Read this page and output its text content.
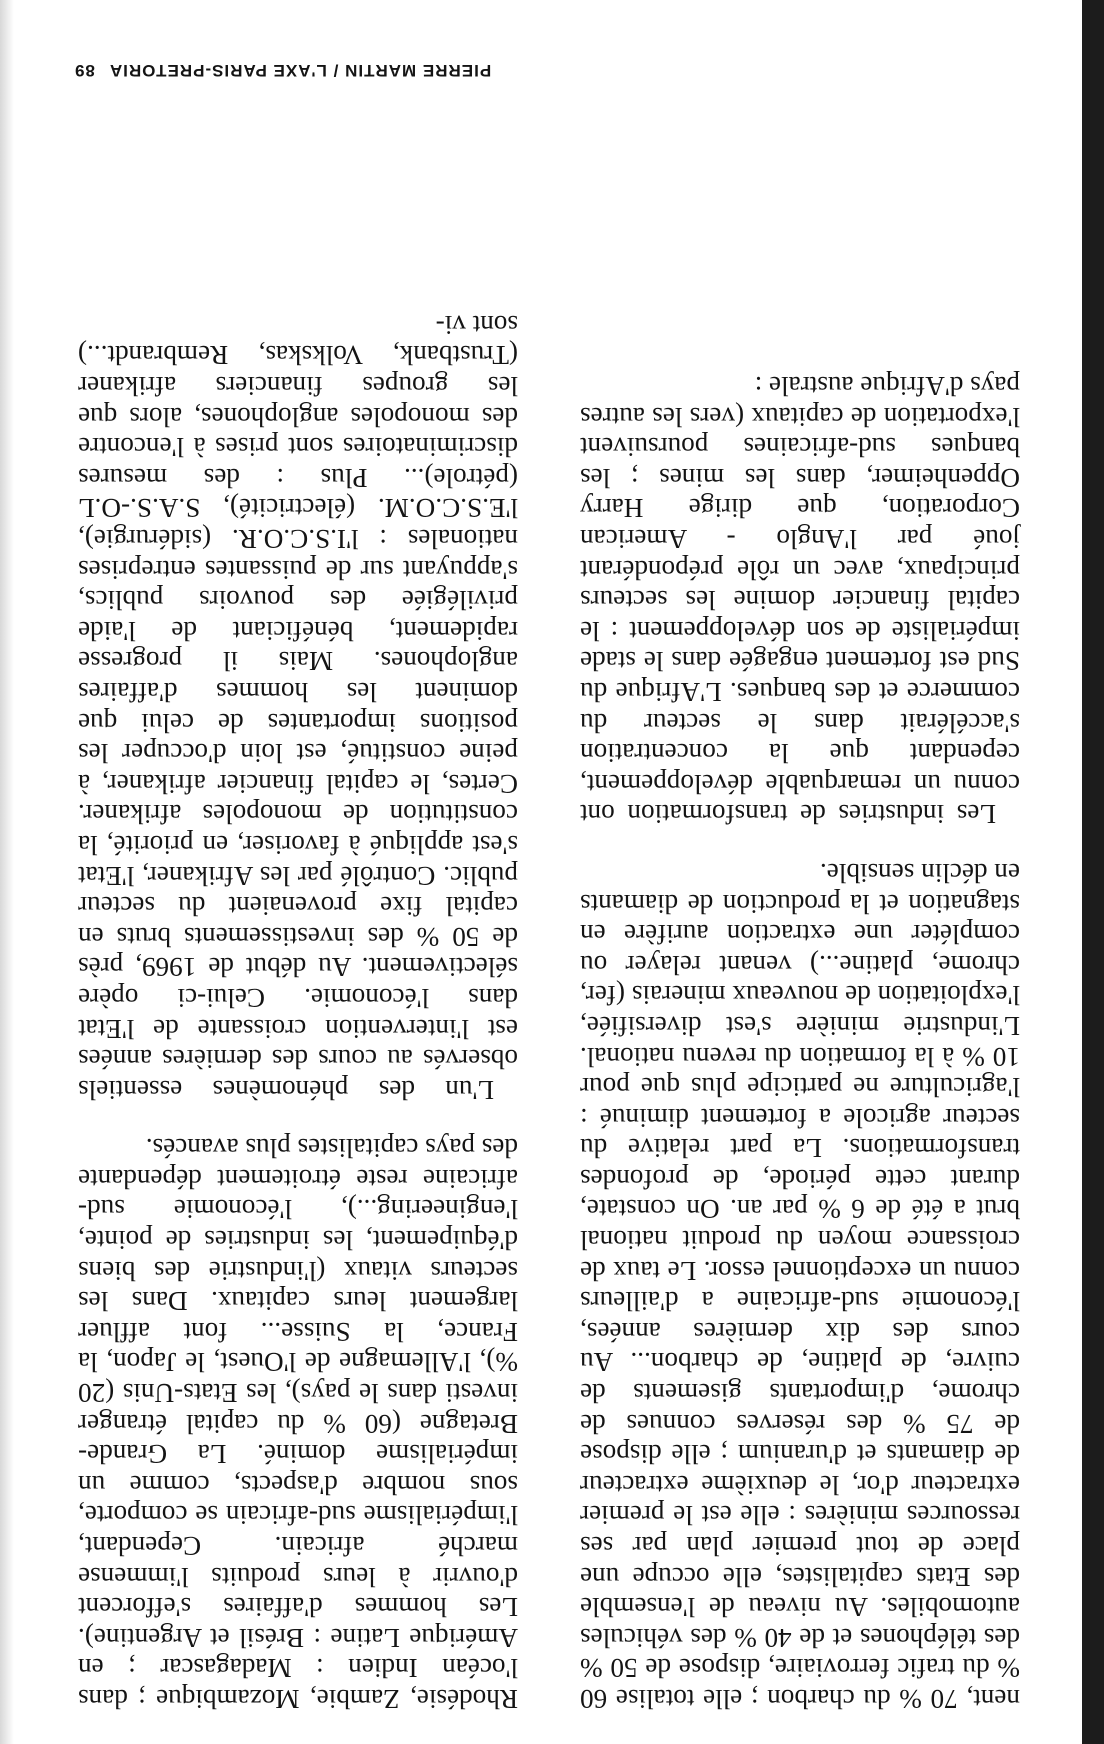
nent, 70 % du charbon ; elle totalise 60 % du trafic ferroviaire, dispose de 50 % des téléphones et de 40 % des véhicules automobiles. Au niveau de l'ensemble des Etats capitalistes, elle occupe une place de tout premier plan par ses ressources minières : elle est le premier extracteur d'or, le deuxième extracteur de diamants et d'uranium ; elle dispose de 75 % des réserves connues de chrome, d'importants gisements de cuivre, de platine, de charbon... Au cours des dix dernières années, l'économie sud-africaine a d'ailleurs connu un exceptionnel essor. Le taux de croissance moyen du produit national brut a été de 6 % par an. On constate, durant cette période, de profondes transformations. La part relative du secteur agricole a fortement diminué : l'agriculture ne participe plus que pour 10 % à la formation du revenu national. L'industrie minière s'est diversifiée, l'exploitation de nouveaux minerais (fer, chrome, platine...) venant relayer ou compléter une extraction aurifère en stagnation et la production de diamants en déclin sensible.

Les industries de transformation ont connu un remarquable développement, cependant que la concentration s'accélérait dans le secteur du commerce et des banques. L'Afrique du Sud est fortement engagée dans le stade impérialiste de son développement : le capital financier domine les secteurs principaux, avec un rôle prépondérant joué par l'Anglo - American Corporation, que dirige Harry Oppenheimer, dans les mines ; les banques sud-africaines poursuivent l'exportation de capitaux (vers les autres pays d'Afrique australe :

Rhodésie, Zambie, Mozambique ; dans l'océan Indien : Madagascar ; en Amérique Latine : Brésil et Argentine). Les hommes d'affaires s'efforcent d'ouvrir à leurs produits l'immense marché africain. Cependant, l'impérialisme sud-africain se comporte, sous nombre d'aspects, comme un impérialisme dominé. La Grande-Bretagne (60 % du capital étranger investi dans le pays), les Etats-Unis (20 %), l'Allemagne de l'Ouest, le Japon, la France, la Suisse... font affluer largement leurs capitaux. Dans les secteurs vitaux (l'industrie des biens d'équipement, les industries de pointe, l'engineering...), l'économie sud-africaine reste étroitement dépendante des pays capitalistes plus avancés.

L'un des phénomènes essentiels observés au cours des dernières années est l'intervention croissante de l'Etat dans l'économie. Celui-ci opère sélectivement. Au début de 1969, près de 50 % des investissements bruts en capital fixe provenaient du secteur public. Contrôlé par les Afrikaner, l'Etat s'est appliqué à favoriser, en priorité, la constitution de monopoles afrikaner. Certes, le capital financier afrikaner, à peine constitué, est loin d'occuper les positions importantes de celui que dominent les hommes d'affaires anglophones. Mais il progresse rapidement, bénéficiant de l'aide privilégiée des pouvoirs publics, s'appuyant sur de puissantes entreprises nationales : l'I.S.C.O.R. (sidérurgie), l'E.S.C.O.M. (électricité), S.A.S.-O.L (pétrole)... Plus : des mesures discriminatoires sont prises à l'encontre des monopoles anglophones, alors que les groupes financiers afrikaner (Trustbank, Volkskas, Rembrandt...) sont vi-

PIERRE MARTIN / L'AXE PARIS-PRETORIA89
